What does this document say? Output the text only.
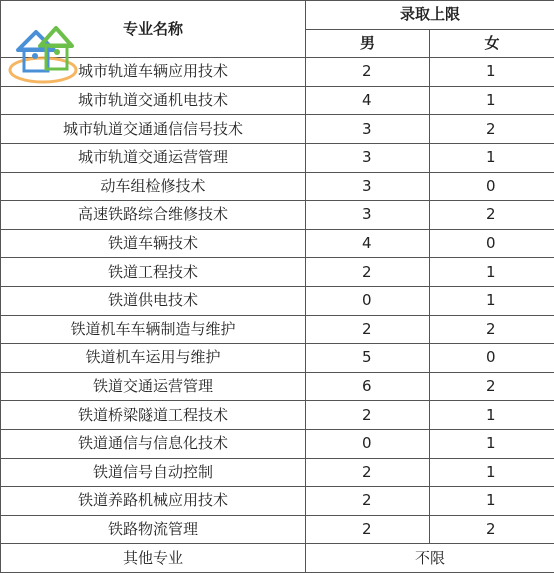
专业名称	录取上限	
	男	女
城市轨道车辆应用技术	2	1
城市轨道交通机电技术	4	1
城市轨道交通通信信号技术	3	2
城市轨道交通运营管理	3	1
动车组检修技术	3	0
高速铁路综合维修技术	3	2
铁道车辆技术	4	0
铁道工程技术	2	1
铁道供电技术	0	1
铁道机车车辆制造与维护	2	2
铁道机车运用与维护	5	0
铁道交通运营管理	6	2
铁道桥梁隧道工程技术	2	1
铁道通信与信息化技术	0	1
铁道信号自动控制	2	1
铁道养路机械应用技术	2	1
铁路物流管理	2	2
其他专业	不限	
